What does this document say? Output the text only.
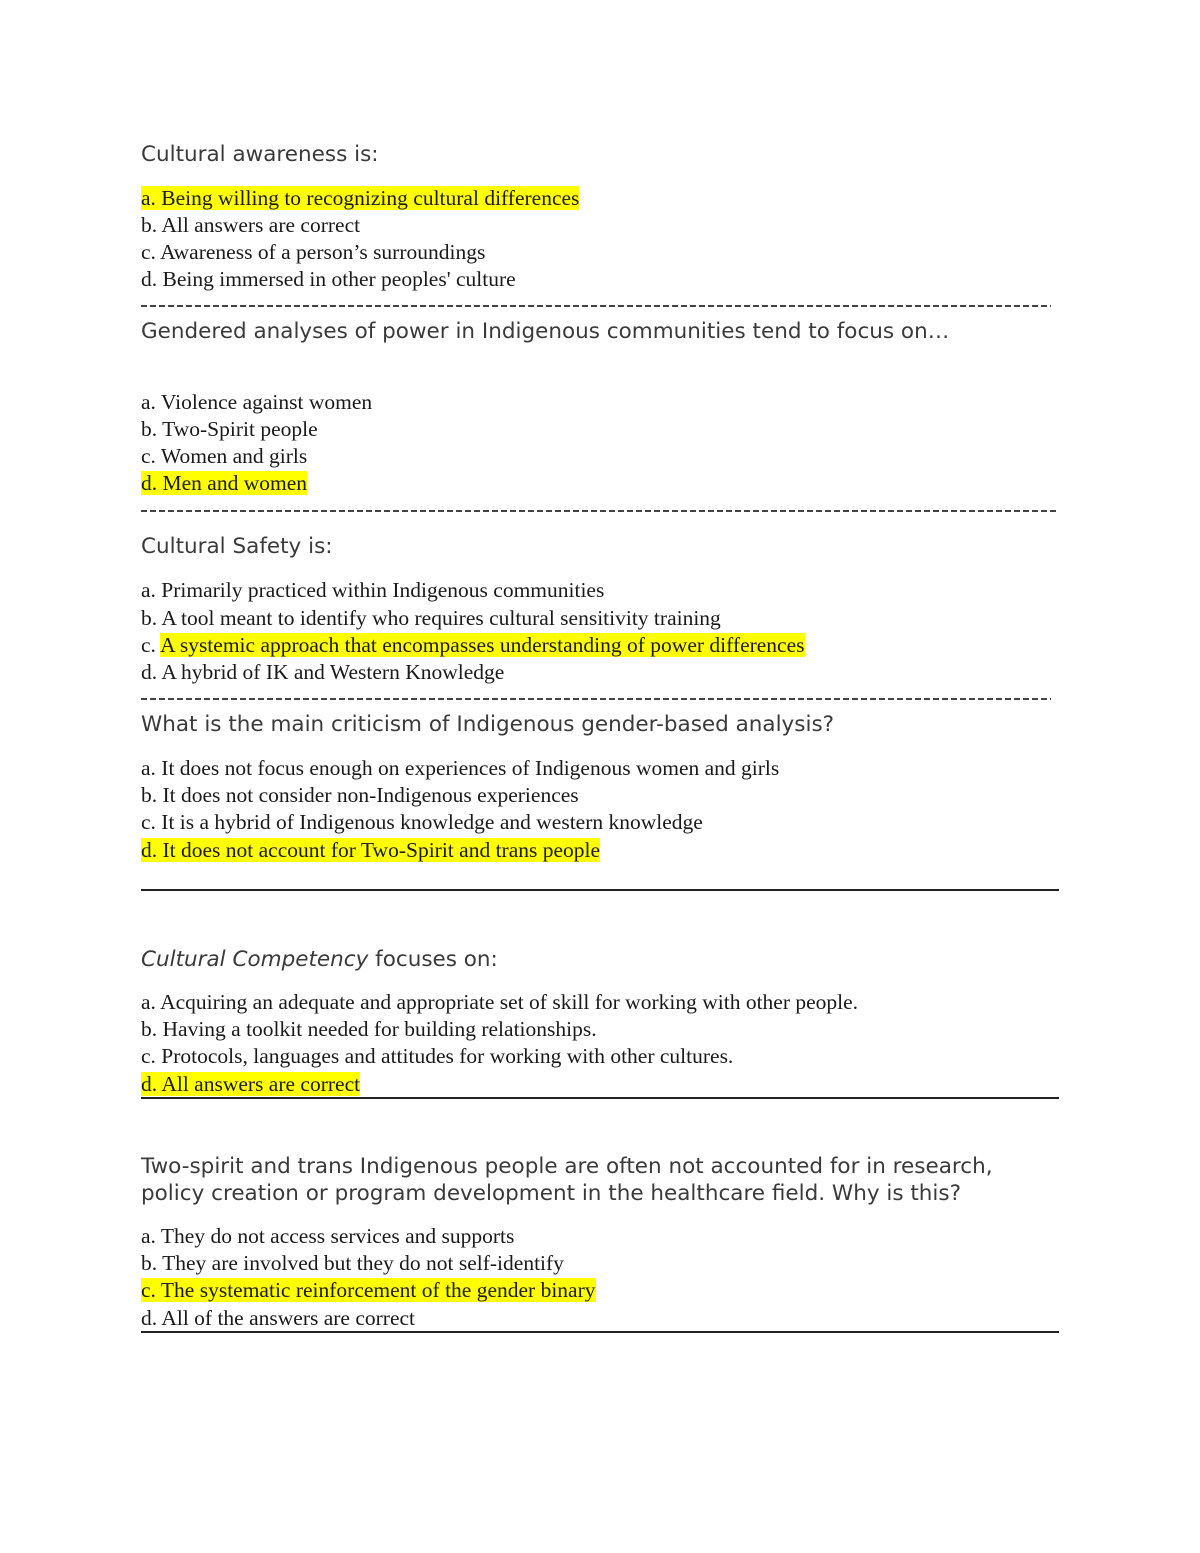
Cultural awareness is:

a. Being willing to recognizing cultural differences

b. All answers are correct

c. Awareness of a person’s surroundings

d. Being immersed in other peoples' culture

Gendered analyses of power in Indigenous communities tend to focus on…

a. Violence against women

b. Two-Spirit people

c. Women and girls

d. Men and women

Cultural Safety is:

a. Primarily practiced within Indigenous communities

b. A tool meant to identify who requires cultural sensitivity training

c. A systemic approach that encompasses understanding of power differences

d. A hybrid of IK and Western Knowledge

What is the main criticism of Indigenous gender-based analysis?

a. It does not focus enough on experiences of Indigenous women and girls

b. It does not consider non-Indigenous experiences

c. It is a hybrid of Indigenous knowledge and western knowledge

d. It does not account for Two-Spirit and trans people

Cultural Competency focuses on:

a. Acquiring an adequate and appropriate set of skill for working with other people.

b. Having a toolkit needed for building relationships.

c. Protocols, languages and attitudes for working with other cultures.

d. All answers are correct

Two-spirit and trans Indigenous people are often not accounted for in research,

policy creation or program development in the healthcare field. Why is this?

a. They do not access services and supports

b. They are involved but they do not self-identify

c. The systematic reinforcement of the gender binary

d. All of the answers are correct
